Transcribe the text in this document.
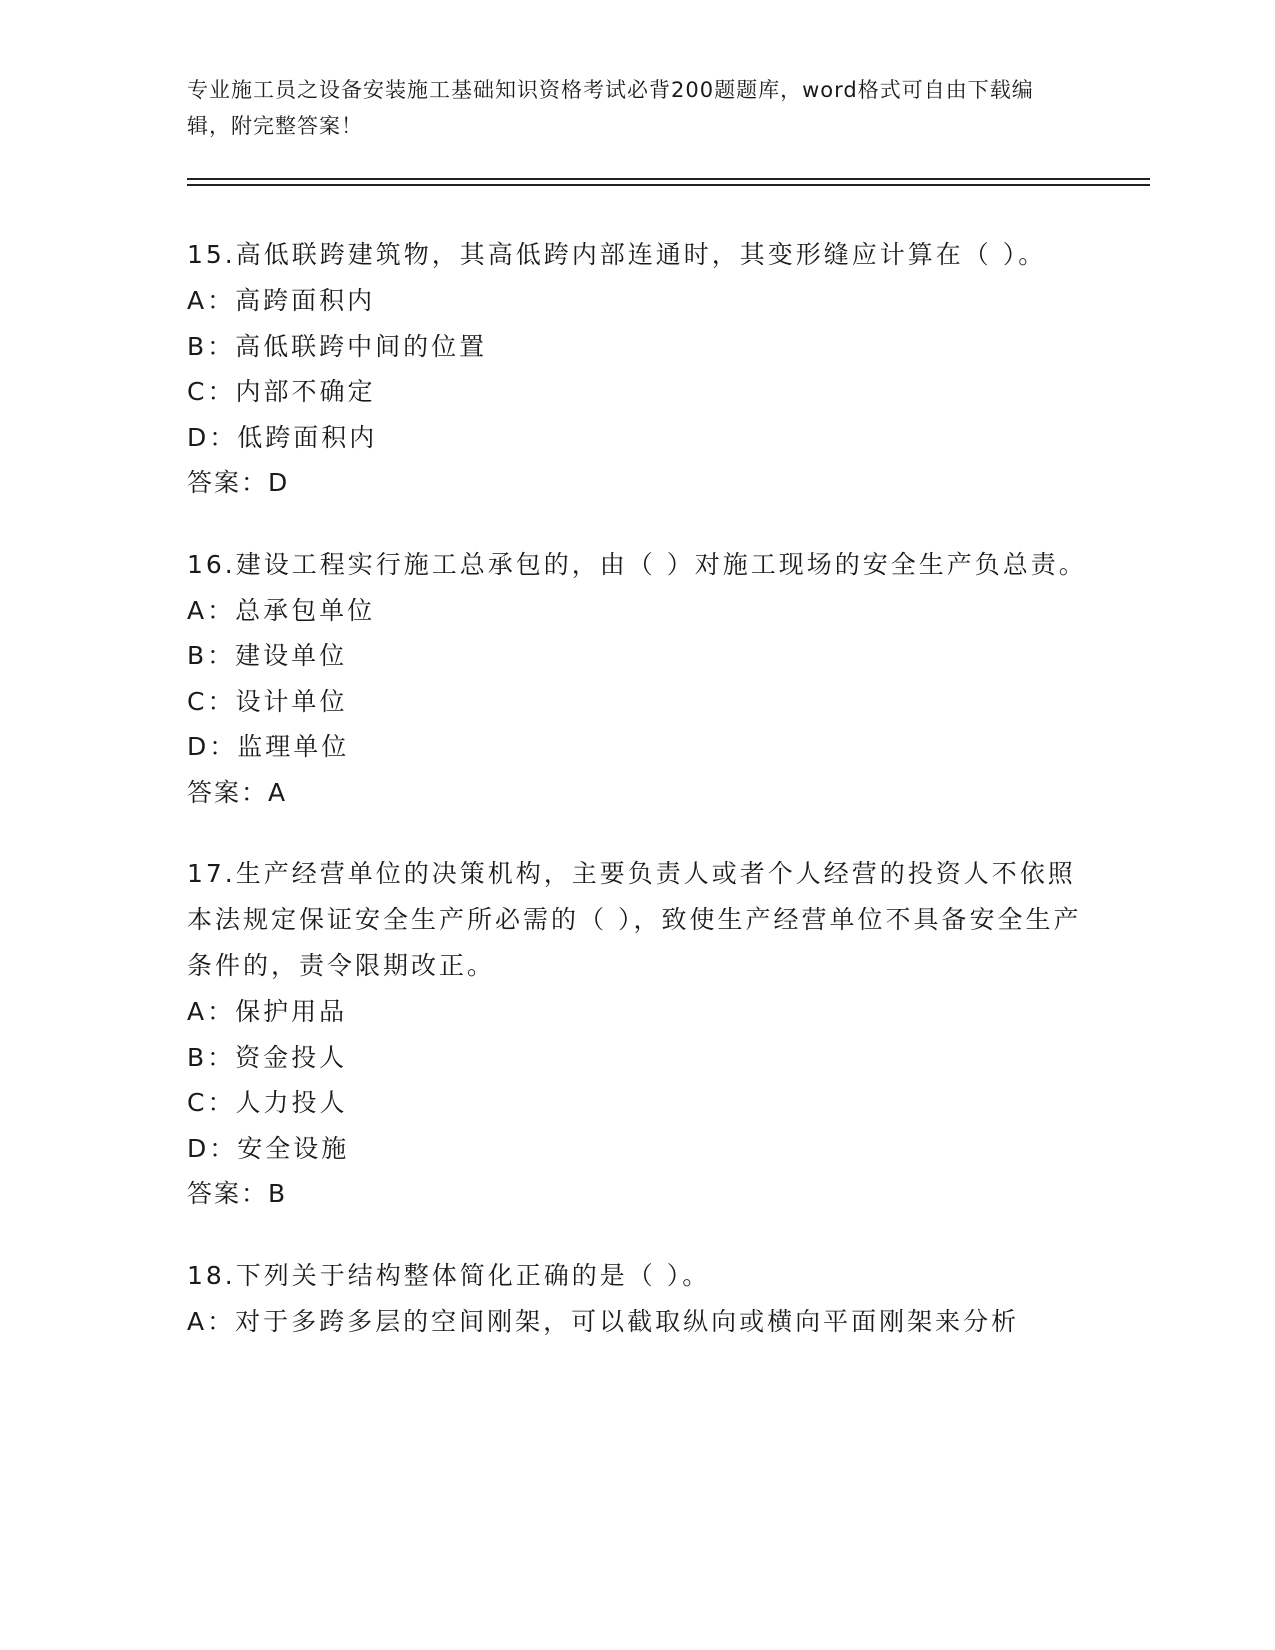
专业施工员之设备安装施工基础知识资格考试必背200题题库，word格式可自由下载编辑，附完整答案！

15.高低联跨建筑物，其高低跨内部连通时，其变形缝应计算在（ ）。

A：高跨面积内
B：高低联跨中间的位置
C：内部不确定
D：低跨面积内
答案：D

16.建设工程实行施工总承包的，由（ ）对施工现场的安全生产负总责。

A：总承包单位
B：建设单位
C：设计单位
D：监理单位
答案：A

17.生产经营单位的决策机构，主要负责人或者个人经营的投资人不依照本法规定保证安全生产所必需的（ ），致使生产经营单位不具备安全生产条件的，责令限期改正。

A：保护用品
B：资金投人
C：人力投人
D：安全设施
答案：B

18.下列关于结构整体简化正确的是（ ）。

A：对于多跨多层的空间刚架，可以截取纵向或横向平面刚架来分析
